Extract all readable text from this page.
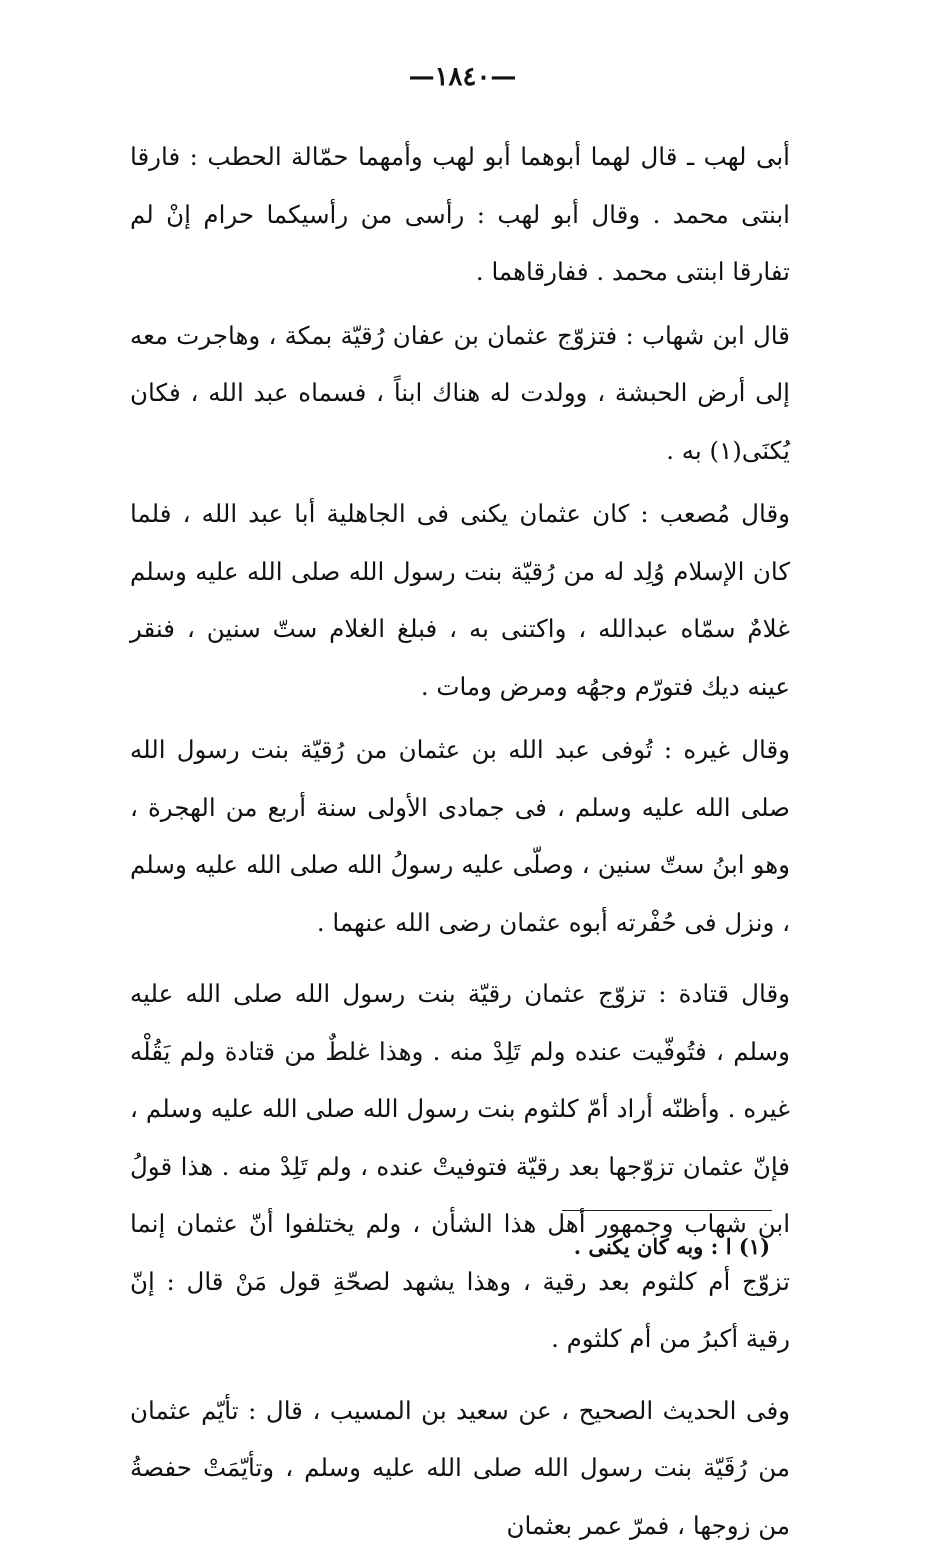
—١٨٤٠—

أبى لهب ـ قال لهما أبوهما أبو لهب وأمهما حمّالة الحطب : فارقا ابنتى محمد . وقال أبو لهب : رأسى من رأسيكما حرام إنْ لم تفارقا ابنتى محمد . ففارقاهما .

قال ابن شهاب : فتزوّج عثمان بن عفان رُقيّة بمكة ، وهاجرت معه إلى أرض الحبشة ، وولدت له هناك ابناً ، فسماه عبد الله ، فكان يُكنَى(١) به .

وقال مُصعب : كان عثمان يكنى فى الجاهلية أبا عبد الله ، فلما كان الإسلام وُلِد له من رُقيّة بنت رسول الله صلى الله عليه وسلم غلامٌ سمّاه عبدالله ، واكتنى به ، فبلغ الغلام ستّ سنين ، فنقر عينه ديك فتورّم وجهُه ومرض ومات .

وقال غيره : تُوفى عبد الله بن عثمان من رُقيّة بنت رسول الله صلى الله عليه وسلم ، فى جمادى الأولى سنة أربع من الهجرة ، وهو ابنُ ستّ سنين ، وصلّى عليه رسولُ الله صلى الله عليه وسلم ، ونزل فى حُفْرته أبوه عثمان رضى الله عنهما .

وقال قتادة : تزوّج عثمان رقيّة بنت رسول الله صلى الله عليه وسلم ، فتُوفّيت عنده ولم تَلِدْ منه . وهذا غلطٌ من قتادة ولم يَقُلْه غيره . وأظنّه أراد أمّ كلثوم بنت رسول الله صلى الله عليه وسلم ، فإنّ عثمان تزوّجها بعد رقيّة فتوفيتْ عنده ، ولم تَلِدْ منه . هذا قولُ ابن شهاب وجمهور أهل هذا الشأن ، ولم يختلفوا أنّ عثمان إنما تزوّج أم كلثوم بعد رقية ، وهذا يشهد لصحّةِ قول مَنْ قال : إنّ رقية أكبرُ من أم كلثوم .

وفى الحديث الصحيح ، عن سعيد بن المسيب ، قال : تأيّم عثمان من رُقَيّة بنت رسول الله صلى الله عليه وسلم ، وتأيّمَتْ حفصةُ من زوجها ، فمرّ عمر بعثمان

(١) ا : وبه كان يكنى .
